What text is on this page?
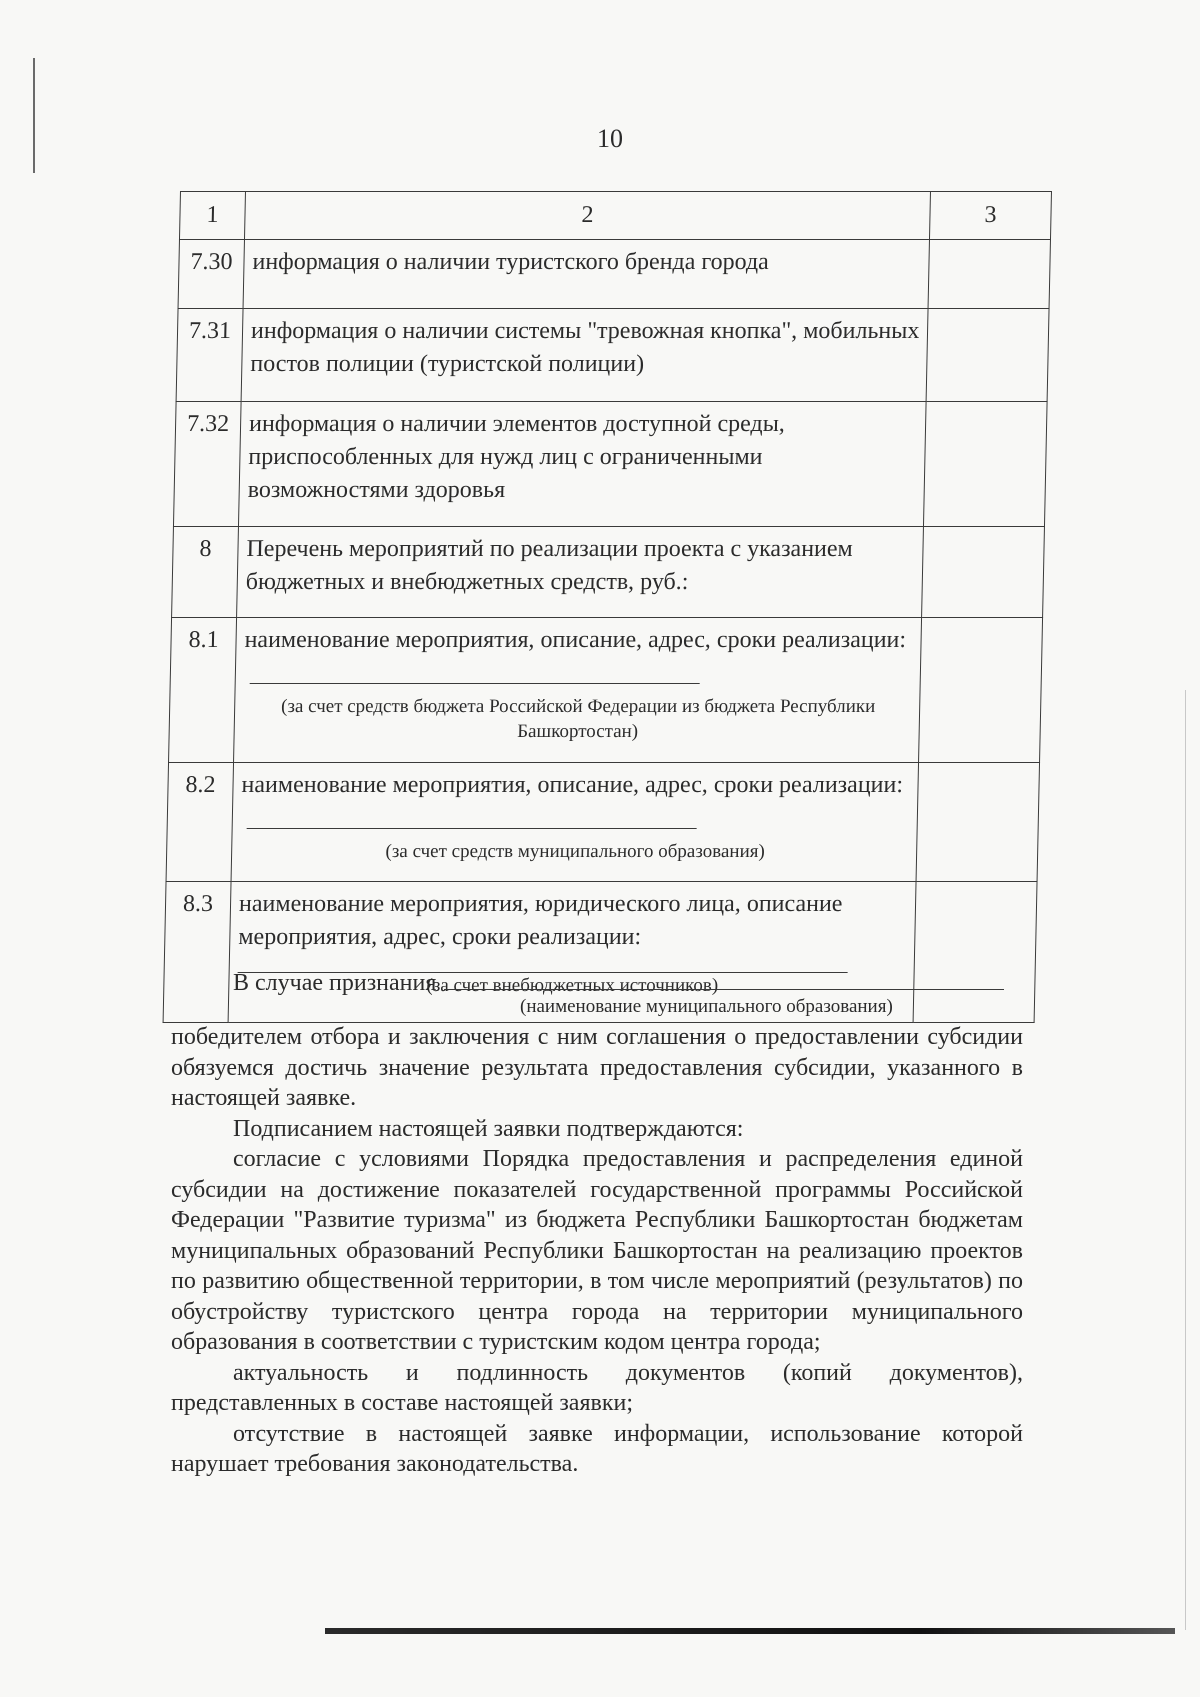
10
1	2	3
7.30	информация о наличии туристского бренда города	
7.31	информация о наличии системы "тревожная кнопка", мобильных постов полиции (туристской полиции)	
7.32	информация о наличии элементов доступной среды, приспособленных для нужд лиц с ограниченными возможностями здоровья	
8	Перечень мероприятий по реализации проекта с указанием бюджетных и внебюджетных средств, руб.:	
8.1	наименование мероприятия, описание, адрес, сроки реализации:
(за счет средств бюджета Российской Федерации из бюджета Республики Башкортостан)	

8.2	наименование мероприятия, описание, адрес, сроки реализации:
(за счет средств муниципального образования)	

8.3	наименование мероприятия, юридического лица, описание мероприятия, адрес, сроки реализации:
(за счет внебюджетных источников)	

В случае признания
(наименование муниципального образования)

победителем отбора и заключения с ним соглашения о предоставлении субсидии обязуемся достичь значение результата предоставления субсидии, указанного в настоящей заявке.

Подписанием настоящей заявки подтверждаются:

согласие с условиями Порядка предоставления и распределения единой субсидии на достижение показателей государственной программы Российской Федерации "Развитие туризма" из бюджета Республики Башкортостан бюджетам муниципальных образований Республики Башкортостан на реализацию проектов по развитию общественной территории, в том числе мероприятий (результатов) по обустройству туристского центра города на территории муниципального образования в соответствии с туристским кодом центра города;

актуальность и подлинность документов (копий документов), представленных в составе настоящей заявки;

отсутствие в настоящей заявке информации, использование которой нарушает требования законодательства.
